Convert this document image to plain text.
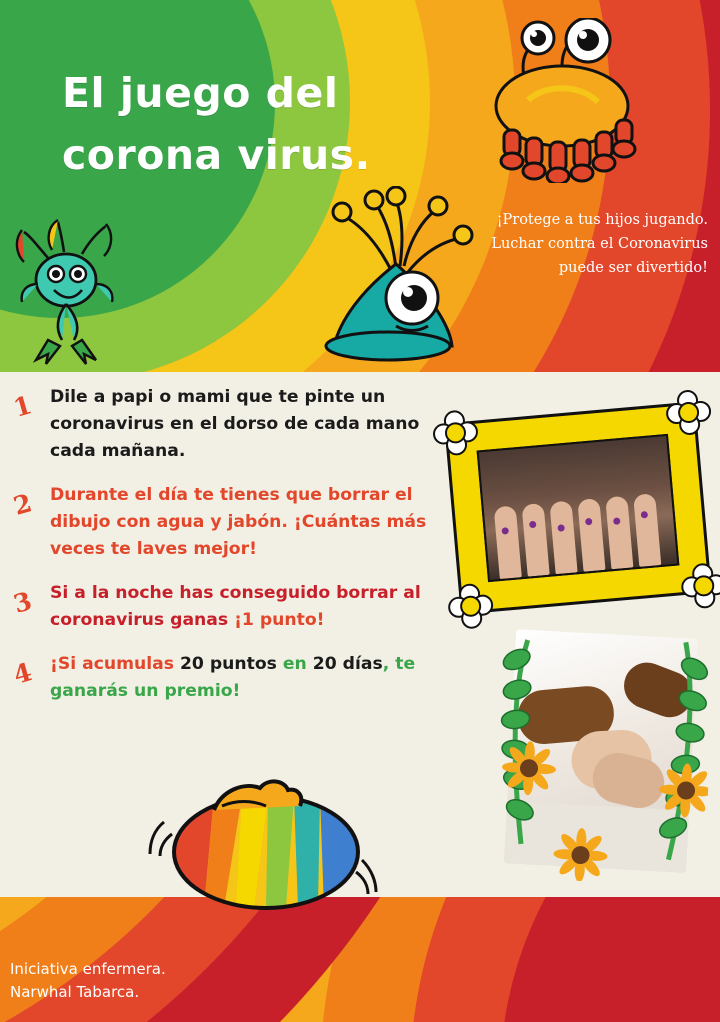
El juego del
corona virus.
¡Protege a tus hijos jugando.
Luchar contra el Coronavirus
puede ser divertido!
1 Dile a papi o mami que te pinte un coronavirus en el dorso de cada mano cada mañana.
2 Durante el día te tienes que borrar el dibujo con agua y jabón. ¡Cuántas más veces te laves mejor!
3 Si a la noche has conseguido borrar al coronavirus ganas ¡1 punto!
4 ¡Si acumulas 20 puntos en 20 días, te ganarás un premio!
Iniciativa enfermera.
Narwhal Tabarca.
